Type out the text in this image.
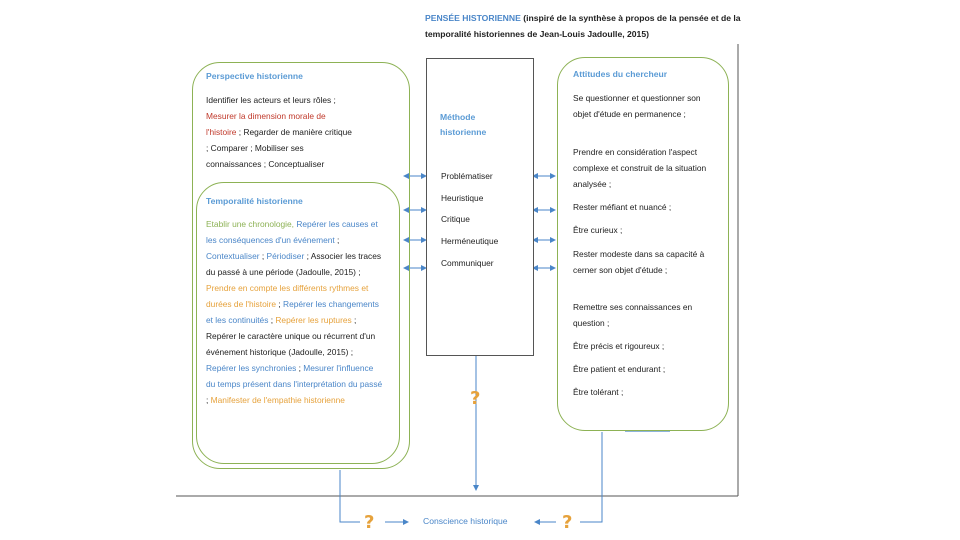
PENSÉE HISTORIENNE (inspiré de la synthèse à propos de la pensée et de la temporalité historiennes de Jean-Louis Jadoulle, 2015)
Perspective historienne
Identifier les acteurs et leurs rôles ;
Mesurer la dimension morale de
l'histoire ; Regarder de manière critique
; Comparer ; Mobiliser ses
connaissances ; Conceptualiser
Temporalité historienne
Etablir une chronologie, Repérer les causes et les conséquences d'un événement ; Contextualiser ; Périodiser ; Associer les traces du passé à une période (Jadoulle, 2015) ; Prendre en compte les différents rythmes et durées de l'histoire ; Repérer les changements et les continuités ; Repérer les ruptures ; Repérer le caractère unique ou récurrent d'un événement historique (Jadoulle, 2015) ; Repérer les synchronies ; Mesurer l'influence du temps présent dans l'interprétation du passé ; Manifester de l'empathie historienne
Méthode historienne
Problématiser
Heuristique
Critique
Herméneutique
Communiquer
Attitudes du chercheur
Se questionner et questionner son objet d'étude en permanence ;
Prendre en considération l'aspect complexe et construit de la situation analysée ;
Rester méfiant et nuancé ;
Être curieux ;
Rester modeste dans sa capacité à cerner son objet d'étude ;
Remettre ses connaissances en question ;
Être précis et rigoureux ;
Être patient et endurant ;
Être tolérant ;
?
?	?
Conscience historique
